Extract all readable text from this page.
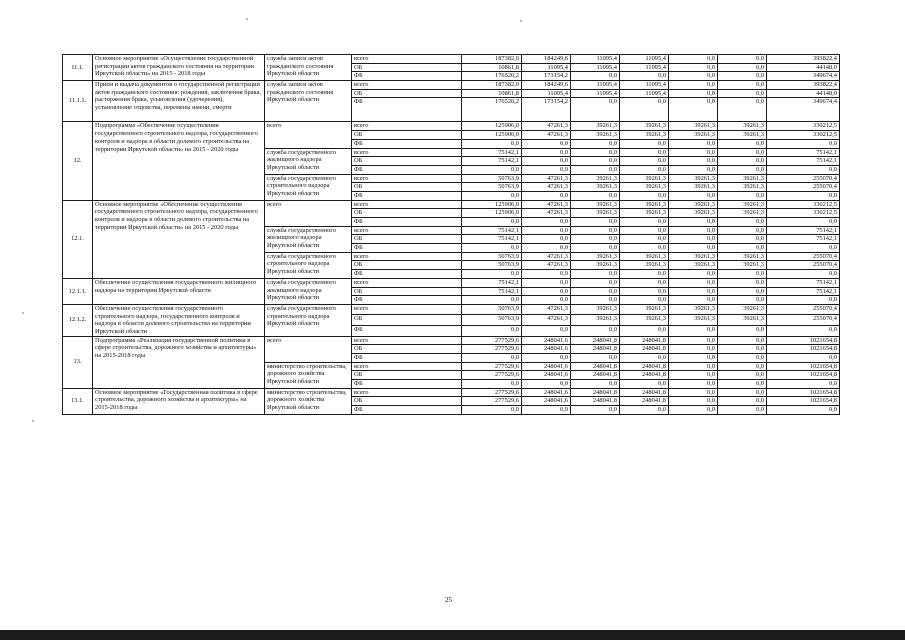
11.1.	Основное мероприятие «Осуществление государственной регистрации актов гражданского состояния на территории Иркутской области» на 2015 - 2018 годы	служба записи актов гражданского состояния Иркутской области	всего	187382,0	184249,6	11095,4	11095,4	0,0	0,0	393822,4
			ОБ	10861,8	11095,4	11095,4	11095,4	0,0	0,0	44148,0
			ФБ	176520,2	173154,2	0,0	0,0	0,0	0,0	349674,4
11.1.1.	Прием и выдача документов о государственной регистрации актов гражданского состояния: рождения, заключения брака, расторжения брака, усыновления (удочерения), установление отцовства, перемены имени, смерти	служба записи актов гражданского состояния Иркутской области	всего	187382,0	184249,6	11095,4	11095,4	0,0	0,0	393822,4
			ОБ	10861,8	11095,4	11095,4	11095,4	0,0	0,0	44148,0
			ФБ	176520,2	173154,2	0,0	0,0	0,0	0,0	349674,4
12.	Подпрограмма «Обеспечение осуществления государственного строительного надзора, государственного контроля и надзора в области долевого строительства на территории Иркутской области» на 2015 - 2020 годы	всего	всего	125906,0	47261,3	39261,3	39261,3	39261,3	39261,3	330212,5
			ОБ	125906,0	47261,3	39261,3	39261,3	39261,3	39261,3	330212,5
			ФБ	0,0	0,0	0,0	0,0	0,0	0,0	0,0
		служба государственного жилищного надзора Иркутской области	всего	75142,1	0,0	0,0	0,0	0,0	0,0	75142,1
			ОБ	75142,1	0,0	0,0	0,0	0,0	0,0	75142,1
			ФБ	0,0	0,0	0,0	0,0	0,0	0,0	0,0
		служба государственного строительного надзора Иркутской области	всего	50763,9	47261,3	39261,3	39261,3	39261,3	39261,3	255070,4
			ОБ	50763,9	47261,3	39261,3	39261,3	39261,3	39261,3	255070,4
			ФБ	0,0	0,0	0,0	0,0	0,0	0,0	0,0
12.1.	Основное мероприятие «Обеспечение осуществления государственного строительного надзора, государственного контроля и надзора в области долевого строительства на территории Иркутской области» на 2015 - 2020 годы	всего	всего	125906,0	47261,3	39261,3	39261,3	39261,3	39261,3	330212,5
			ОБ	125906,0	47261,3	39261,3	39261,3	39261,3	39261,3	330212,5
			ФБ	0,0	0,0	0,0	0,0	0,0	0,0	0,0
		служба государственного жилищного надзора Иркутской области	всего	75142,1	0,0	0,0	0,0	0,0	0,0	75142,1
			ОБ	75142,1	0,0	0,0	0,0	0,0	0,0	75142,1
			ФБ	0,0	0,0	0,0	0,0	0,0	0,0	0,0
		служба государственного строительного надзора Иркутской области	всего	50763,9	47261,3	39261,3	39261,3	39261,3	39261,3	255070,4
			ОБ	50763,9	47261,3	39261,3	39261,3	39261,3	39261,3	255070,4
			ФБ	0,0	0,0	0,0	0,0	0,0	0,0	0,0
12.1.1.	Обеспечение осуществления государственного жилищного надзора на территории Иркутской области	служба государственного жилищного надзора Иркутской области	всего	75142,1	0,0	0,0	0,0	0,0	0,0	75142,1
			ОБ	75142,1	0,0	0,0	0,0	0,0	0,0	75142,1
			ФБ	0,0	0,0	0,0	0,0	0,0	0,0	0,0
12.1.2.	Обеспечение осуществления государственного строительного надзора, государственного контроля и надзора в области долевого строительства на территории Иркутской области	служба государственного строительного надзора Иркутской области	всего	50763,9	47261,3	39261,3	39261,3	39261,3	39261,3	255070,4
			ОБ	50763,9	47261,3	39261,3	39261,3	39261,3	39261,3	255070,4
			ФБ	0,0	0,0	0,0	0,0	0,0	0,0	0,0
13.	Подпрограмма «Реализация государственной политики в сфере строительства, дорожного хозяйства и архитектуры» на 2015-2018 годы	всего	всего	277529,6	248041,6	248041,8	248041,8	0,0	0,0	1021654,8
			ОБ	277529,6	248041,6	248041,8	248041,8	0,0	0,0	1021654,8
			ФБ	0,0	0,0	0,0	0,0	0,0	0,0	0,0
		министерство строительства, дорожного хозяйства Иркутской области	всего	277529,6	248041,6	248041,8	248041,8	0,0	0,0	1021654,8
			ОБ	277529,6	248041,6	248041,8	248041,8	0,0	0,0	1021654,8
			ФБ	0,0	0,0	0,0	0,0	0,0	0,0	0,0
13.1.	Основное мероприятие «Государственная политика в сфере строительства, дорожного хозяйства и архитектуры» на 2015-2018 годы	министерство строительства, дорожного хозяйства Иркутской области	всего	277529,6	248041,6	248041,8	248041,8	0,0	0,0	1021654,8
			ОБ	277529,6	248041,6	248041,8	248041,8	0,0	0,0	1021654,8
			ФБ	0,0	0,0	0,0	0,0	0,0	0,0	0,0
25
